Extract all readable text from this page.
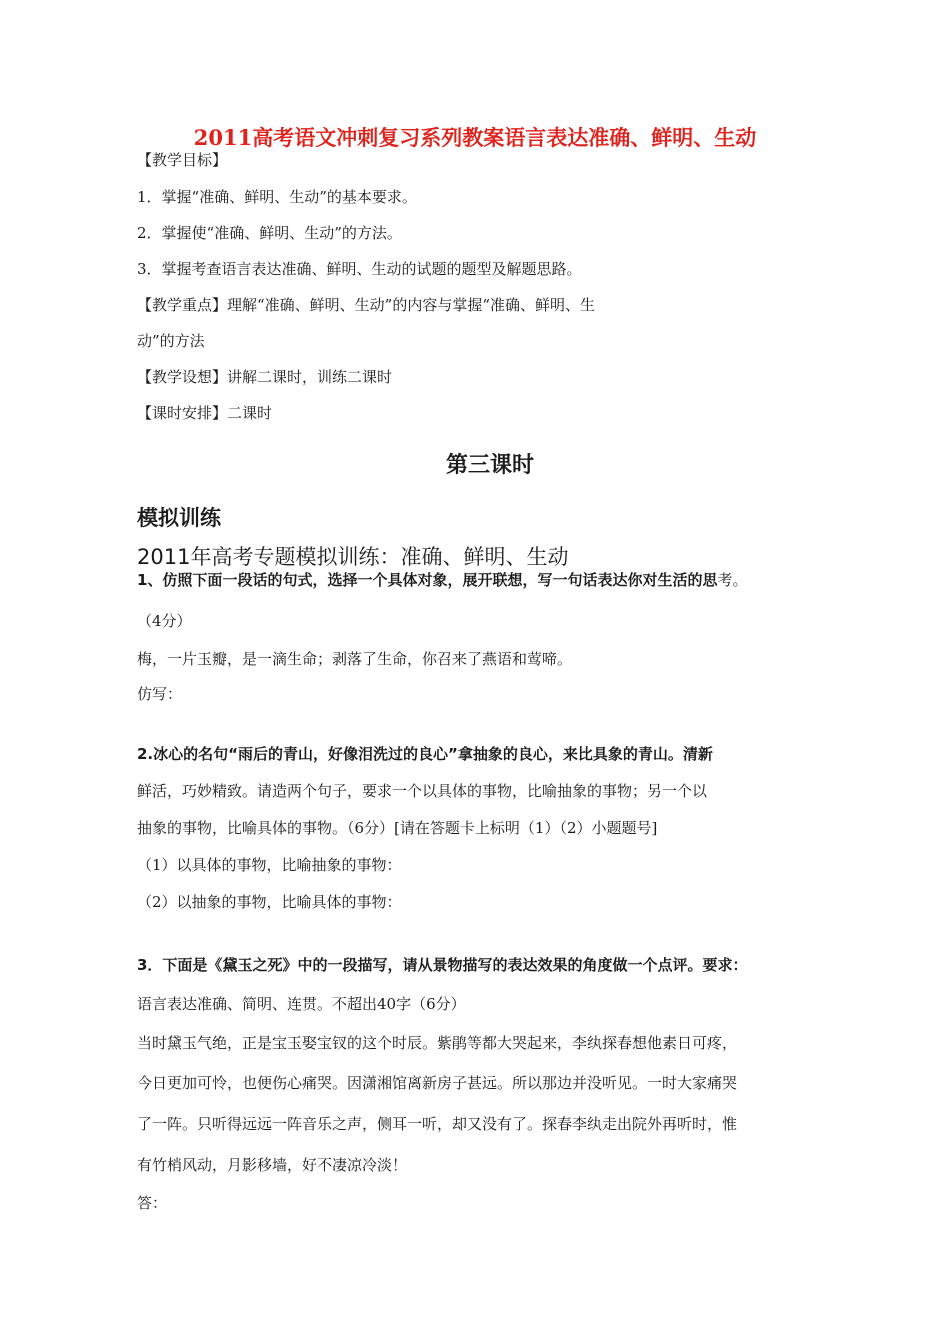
2011高考语文冲刺复习系列教案语言表达准确、鲜明、生动
【教学目标】
1．掌握“准确、鲜明、生动”的基本要求。
2．掌握使“准确、鲜明、生动”的方法。
3．掌握考查语言表达准确、鲜明、生动的试题的题型及解题思路。
【教学重点】理解“准确、鲜明、生动”的内容与掌握“准确、鲜明、生
动”的方法
【教学设想】讲解二课时，训练二课时
【课时安排】二课时
第三课时
模拟训练
2011年高考专题模拟训练：准确、鲜明、生动
1、仿照下面一段话的句式，选择一个具体对象，展开联想，写一句话表达你对生活的思考。
（4分）
梅，一片玉瓣，是一滴生命；剥落了生命，你召来了燕语和莺啼。
仿写：
2.冰心的名句“雨后的青山，好像泪洗过的良心”拿抽象的良心，来比具象的青山。清新
鲜活，巧妙精致。请造两个句子，要求一个以具体的事物，比喻抽象的事物；另一个以
抽象的事物，比喻具体的事物。（6分）[请在答题卡上标明（1）（2）小题题号]
（1）以具体的事物，比喻抽象的事物：
（2）以抽象的事物，比喻具体的事物：
3．下面是《黛玉之死》中的一段描写，请从景物描写的表达效果的角度做一个点评。要求：
语言表达准确、简明、连贯。不超出40字（6分）
当时黛玉气绝，正是宝玉娶宝钗的这个时辰。紫鹃等都大哭起来，李纨探春想他素日可疼，
今日更加可怜，也便伤心痛哭。因潇湘馆离新房子甚远。所以那边并没听见。一时大家痛哭
了一阵。只听得远远一阵音乐之声，侧耳一听，却又没有了。探春李纨走出院外再听时，惟
有竹梢风动，月影移墙，好不凄凉冷淡！
答：
